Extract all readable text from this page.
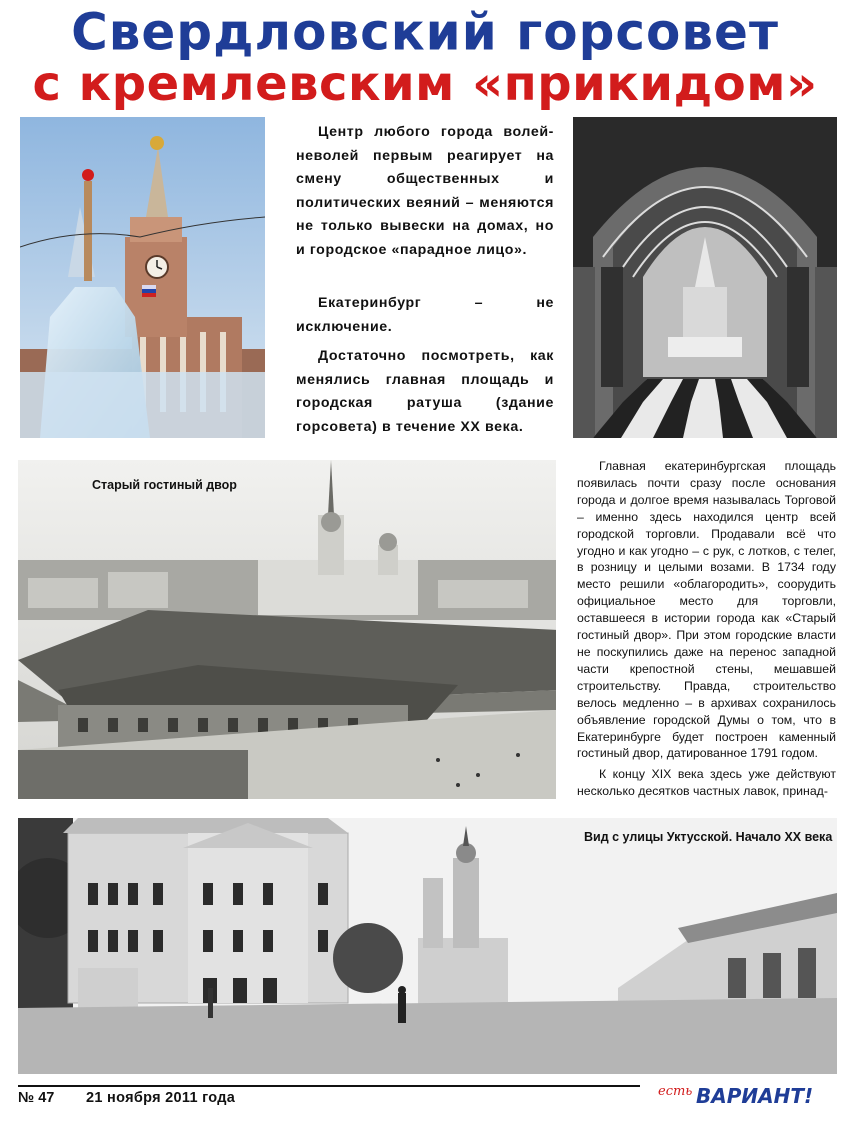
Свердловский горсовет
с кремлевским «прикидом»
Центр любого города волей-неволей первым реагирует на смену общественных и политических веяний – меняются не только вывески на домах, но и городское «парадное лицо».
Екатеринбург – не исключение.
Достаточно посмотреть, как менялись главная площадь и городская ратуша (здание горсовета) в течение XX века.
Старый гостиный двор

Главная екатеринбургская площадь появилась почти сразу после основания города и долгое время называлась Торговой – именно здесь находился центр всей городской торговли. Продавали всё что угодно и как угодно – с рук, с лотков, с телег, в розницу и целыми возами. В 1734 году место решили «облагородить», соорудить официальное место для торговли, оставшееся в истории города как «Старый гостиный двор». При этом городские власти не поскупились даже на перенос западной части крепостной стены, мешавшей строительству. Правда, строительство велось медленно – в архивах сохранилось объявление городской Думы о том, что в Екатеринбурге будет построен каменный гостиный двор, датированное 1791 годом.

К концу XIX века здесь уже действуют несколько десятков частных лавок, принад-

Вид с улицы Уктусской. Начало XX века
№ 47 21 ноября 2011 года	есть ВАРИАНТ!
